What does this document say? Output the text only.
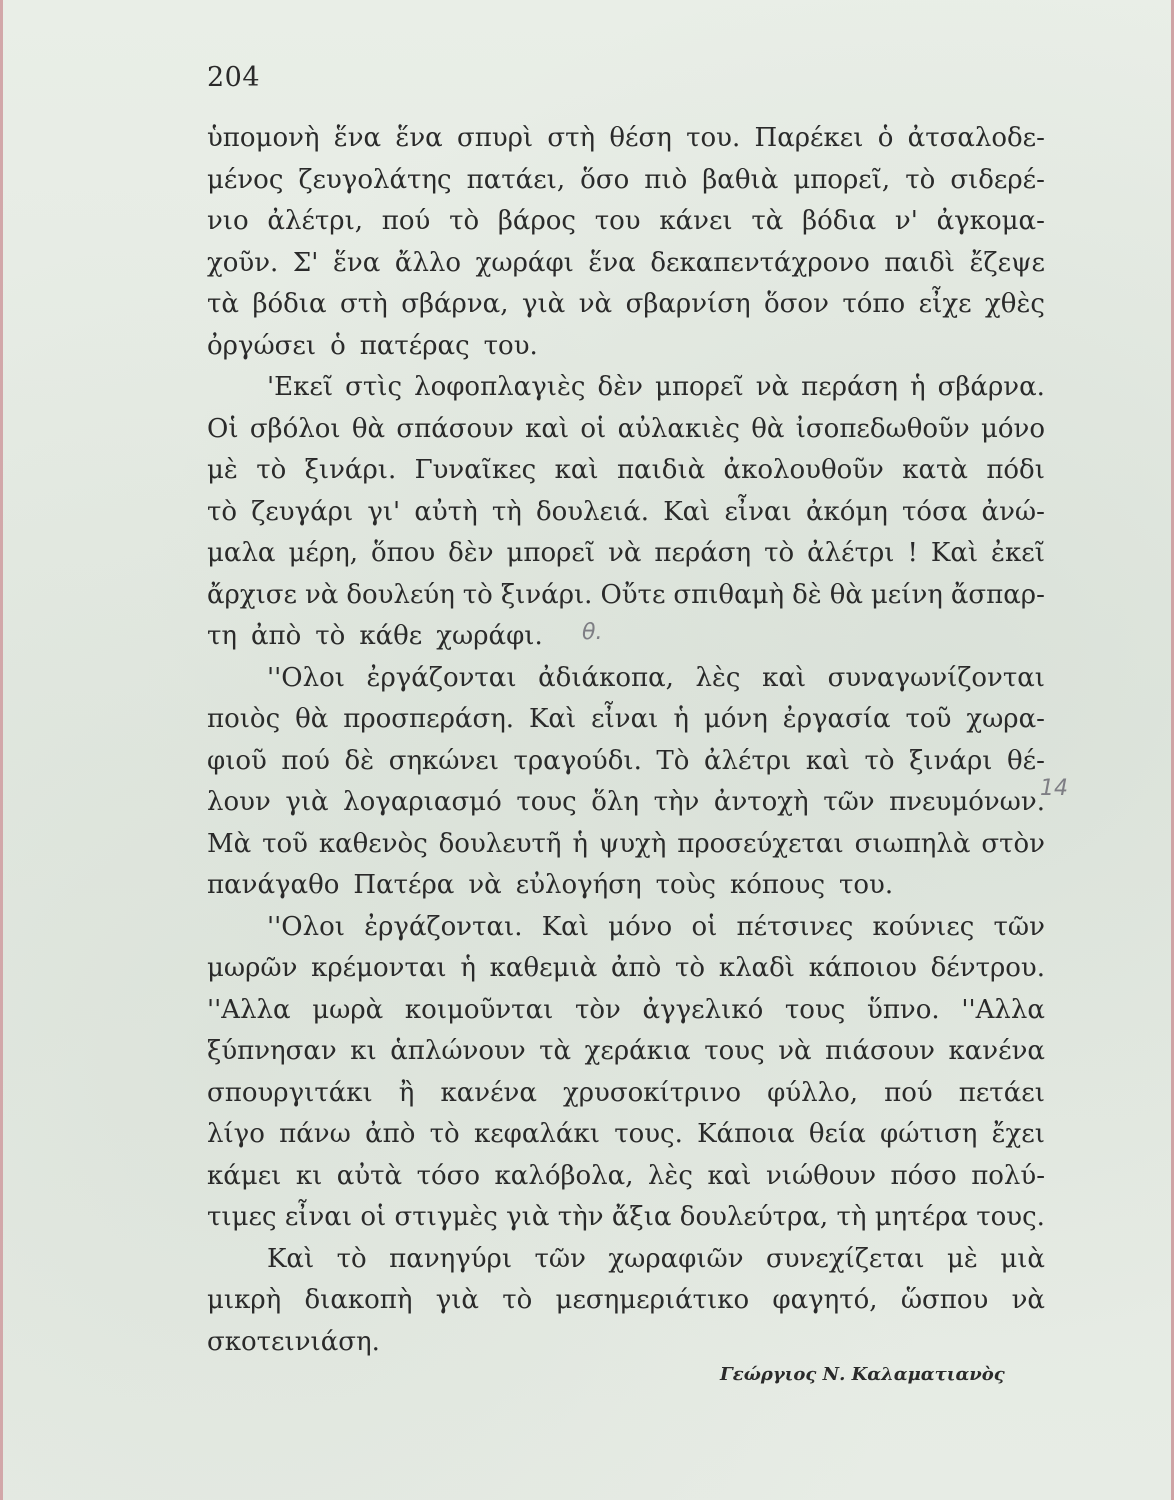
204
ὑπομονὴ ἕνα ἕνα σπυρὶ στὴ θέση του. Παρέκει ὁ ἀτσαλοδε-
μένος ζευγολάτης πατάει, ὅσο πιὸ βαθιὰ μπορεῖ, τὸ σιδερέ-
νιο ἀλέτρι, πού τὸ βάρος του κάνει τὰ βόδια ν' ἀγκομα-
χοῦν. Σ' ἕνα ἄλλο χωράφι ἕνα δεκαπεντάχρονο παιδὶ ἔζεψε
τὰ βόδια στὴ σβάρνα, γιὰ νὰ σβαρνίση ὅσον τόπο εἶχε χθὲς
ὀργώσει ὁ πατέρας του.
'Εκεῖ στὶς λοφοπλαγιὲς δὲν μπορεῖ νὰ περάση ἡ σβάρνα.
Οἱ σβόλοι θὰ σπάσουν καὶ οἱ αὐλακιὲς θὰ ἰσοπεδωθοῦν μόνο
μὲ τὸ ξινάρι. Γυναῖκες καὶ παιδιὰ ἀκολουθοῦν κατὰ πόδι
τὸ ζευγάρι γι' αὐτὴ τὴ δουλειά. Καὶ εἶναι ἀκόμη τόσα ἀνώ-
μαλα μέρη, ὅπου δὲν μπορεῖ νὰ περάση τὸ ἀλέτρι ! Καὶ ἐκεῖ
ἄρχισε νὰ δουλεύη τὸ ξινάρι. Οὔτε σπιθαμὴ δὲ θὰ μείνη ἄσπαρ-
τη ἀπὸ τὸ κάθε χωράφι.
''Ολοι ἐργάζονται ἀδιάκοπα, λὲς καὶ συναγωνίζονται
ποιὸς θὰ προσπεράση. Καὶ εἶναι ἡ μόνη ἐργασία τοῦ χωρα-
φιοῦ πού δὲ σηκώνει τραγούδι. Τὸ ἀλέτρι καὶ τὸ ξινάρι θέ-
λουν γιὰ λογαριασμό τους ὅλη τὴν ἀντοχὴ τῶν πνευμόνων.
Μὰ τοῦ καθενὸς δουλευτῆ ἡ ψυχὴ προσεύχεται σιωπηλὰ στὸν
πανάγαθο Πατέρα νὰ εὐλογήση τοὺς κόπους του.
''Ολοι ἐργάζονται. Καὶ μόνο οἱ πέτσινες κούνιες τῶν
μωρῶν κρέμονται ἡ καθεμιὰ ἀπὸ τὸ κλαδὶ κάποιου δέντρου.
''Αλλα μωρὰ κοιμοῦνται τὸν ἀγγελικό τους ὕπνο. ''Αλλα
ξύπνησαν κι ἁπλώνουν τὰ χεράκια τους νὰ πιάσουν κανένα
σπουργιτάκι ἢ κανένα χρυσοκίτρινο φύλλο, πού πετάει
λίγο πάνω ἀπὸ τὸ κεφαλάκι τους. Κάποια θεία φώτιση ἔχει
κάμει κι αὐτὰ τόσο καλόβολα, λὲς καὶ νιώθουν πόσο πολύ-
τιμες εἶναι οἱ στιγμὲς γιὰ τὴν ἄξια δουλεύτρα, τὴ μητέρα τους.
Καὶ τὸ πανηγύρι τῶν χωραφιῶν συνεχίζεται μὲ μιὰ
μικρὴ διακοπὴ γιὰ τὸ μεσημεριάτικο φαγητό, ὥσπου νὰ
σκοτεινιάση.
θ.
14
Γεώργιος Ν. Καλαματιανὸς
